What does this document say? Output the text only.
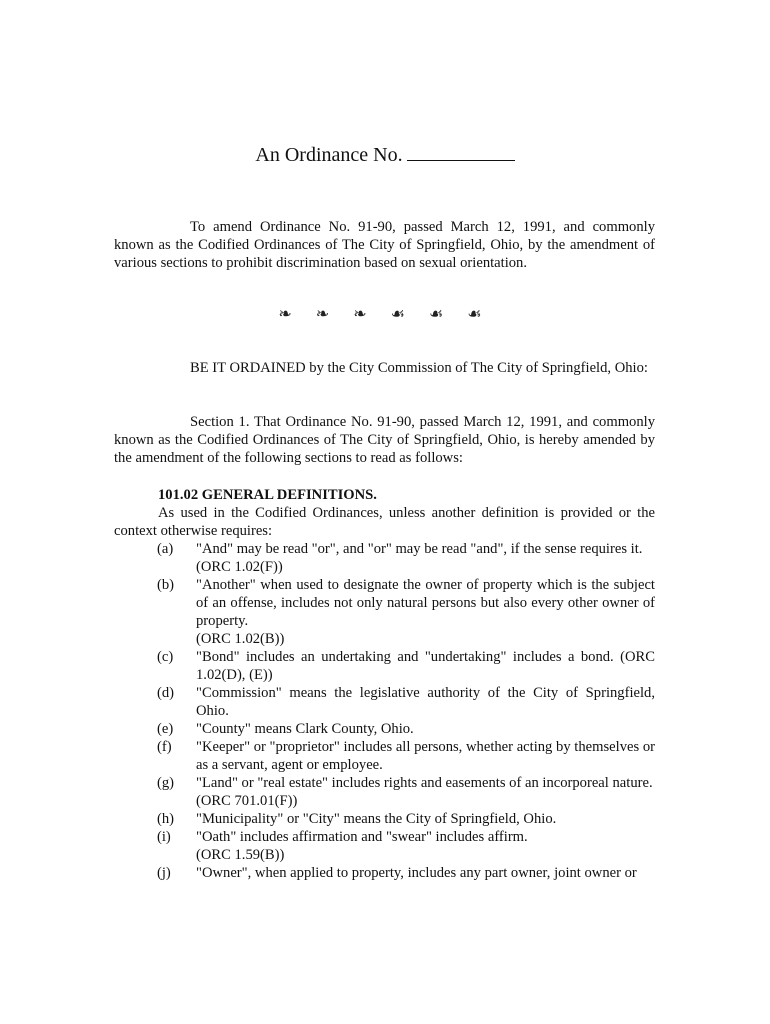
An Ordinance No.

To amend Ordinance No. 91-90, passed March 12, 1991, and commonly known as the Codified Ordinances of The City of Springfield, Ohio, by the amendment of various sections to prohibit discrimination based on sexual orientation.

❧ ❧ ❧ ☙ ☙ ☙

BE IT ORDAINED by the City Commission of The City of Springfield, Ohio:

Section 1. That Ordinance No. 91-90, passed March 12, 1991, and commonly known as the Codified Ordinances of The City of Springfield, Ohio, is hereby amended by the amendment of the following sections to read as follows:

101.02 GENERAL DEFINITIONS.

As used in the Codified Ordinances, unless another definition is provided or the context otherwise requires:

(a) "And" may be read "or", and "or" may be read "and", if the sense requires it.
(ORC 1.02(F))
(b) "Another" when used to designate the owner of property which is the subject of an offense, includes not only natural persons but also every other owner of property.
(ORC 1.02(B))
(c) "Bond" includes an undertaking and "undertaking" includes a bond. (ORC 1.02(D), (E))
(d) "Commission" means the legislative authority of the City of Springfield, Ohio.
(e) "County" means Clark County, Ohio.
(f) "Keeper" or "proprietor" includes all persons, whether acting by themselves or as a servant, agent or employee.
(g) "Land" or "real estate" includes rights and easements of an incorporeal nature.
(ORC 701.01(F))
(h) "Municipality" or "City" means the City of Springfield, Ohio.
(i) "Oath" includes affirmation and "swear" includes affirm.
(ORC 1.59(B))
(j) "Owner", when applied to property, includes any part owner, joint owner or
